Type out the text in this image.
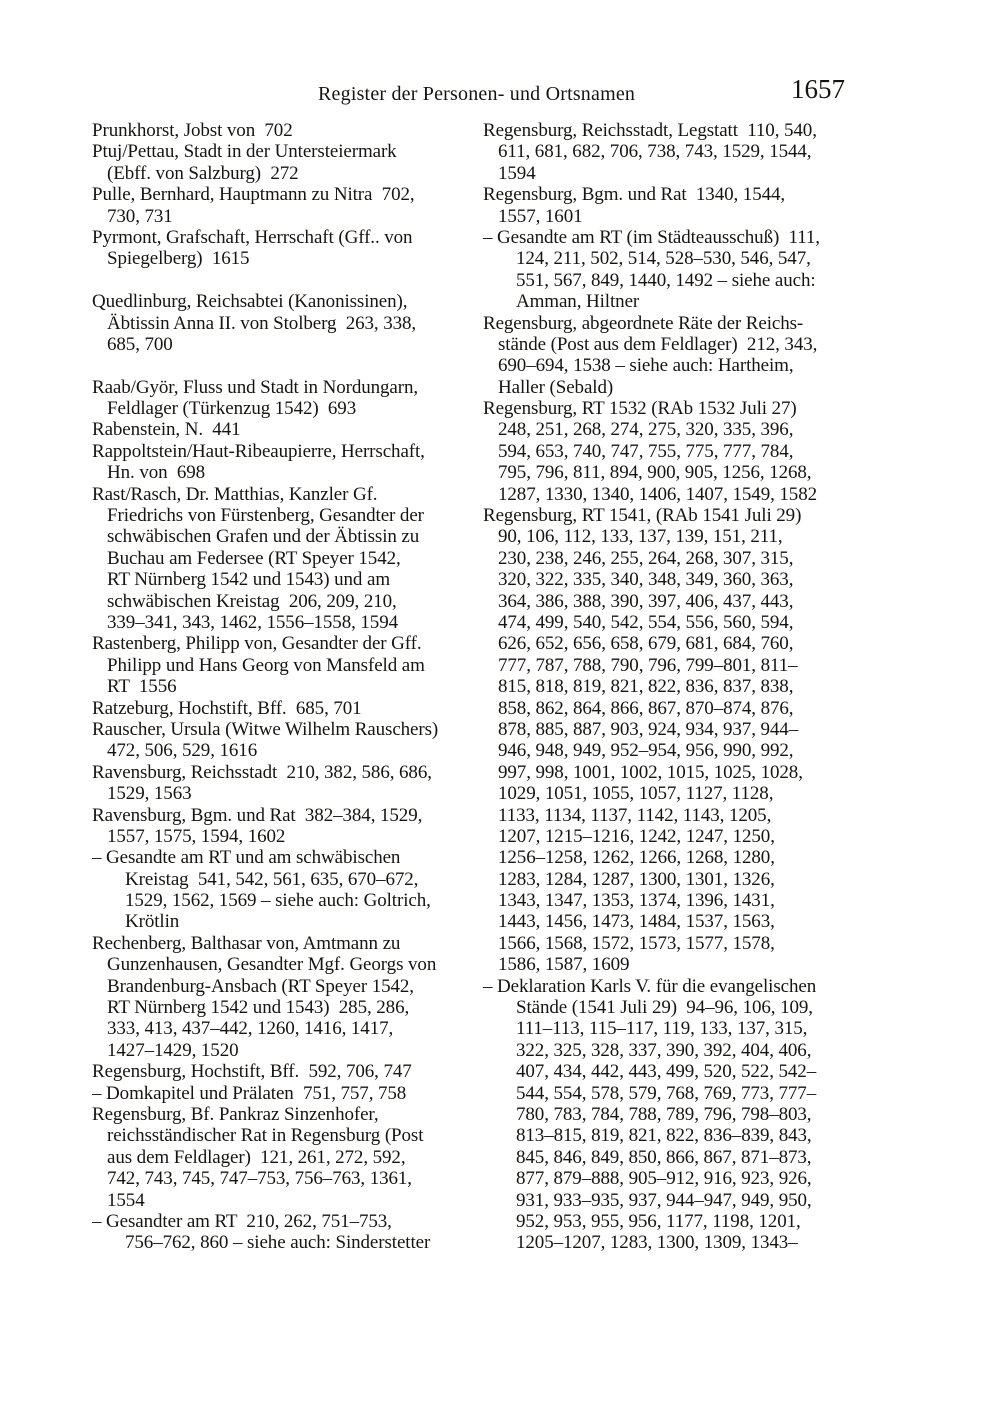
Register der Personen- und Ortsnamen	1657
Prunkhorst, Jobst von  702
Ptuj/Pettau, Stadt in der Untersteiermark
(Ebff. von Salzburg)  272
Pulle, Bernhard, Hauptmann zu Nitra  702,
730, 731
Pyrmont, Grafschaft, Herrschaft (Gff.. von
Spiegelberg)  1615
Quedlinburg, Reichsabtei (Kanonissinen),
Äbtissin Anna II. von Stolberg  263, 338,
685, 700
Raab/Györ, Fluss und Stadt in Nordungarn,
Feldlager (Türkenzug 1542)  693
Rabenstein, N.  441
Rappoltstein/Haut-Ribeaupierre, Herrschaft,
Hn. von  698
Rast/Rasch, Dr. Matthias, Kanzler Gf.
Friedrichs von Fürstenberg, Gesandter der
schwäbischen Grafen und der Äbtissin zu
Buchau am Federsee (RT Speyer 1542,
RT Nürnberg 1542 und 1543) und am
schwäbischen Kreistag  206, 209, 210,
339–341, 343, 1462, 1556–1558, 1594
Rastenberg, Philipp von, Gesandter der Gff.
Philipp und Hans Georg von Mansfeld am
RT  1556
Ratzeburg, Hochstift, Bff.  685, 701
Rauscher, Ursula (Witwe Wilhelm Rauschers)
472, 506, 529, 1616
Ravensburg, Reichsstadt  210, 382, 586, 686,
1529, 1563
Ravensburg, Bgm. und Rat  382–384, 1529,
1557, 1575, 1594, 1602
– Gesandte am RT und am schwäbischen
Kreistag  541, 542, 561, 635, 670–672,
1529, 1562, 1569 – siehe auch: Goltrich,
Krötlin
Rechenberg, Balthasar von, Amtmann zu
Gunzenhausen, Gesandter Mgf. Georgs von
Brandenburg-Ansbach (RT Speyer 1542,
RT Nürnberg 1542 und 1543)  285, 286,
333, 413, 437–442, 1260, 1416, 1417,
1427–1429, 1520
Regensburg, Hochstift, Bff.  592, 706, 747
– Domkapitel und Prälaten  751, 757, 758
Regensburg, Bf. Pankraz Sinzenhofer,
reichsständischer Rat in Regensburg (Post
aus dem Feldlager)  121, 261, 272, 592,
742, 743, 745, 747–753, 756–763, 1361,
1554
– Gesandter am RT  210, 262, 751–753,
756–762, 860 – siehe auch: Sinderstetter
Regensburg, Reichsstadt, Legstatt  110, 540,
611, 681, 682, 706, 738, 743, 1529, 1544,
1594
Regensburg, Bgm. und Rat  1340, 1544,
1557, 1601
– Gesandte am RT (im Städteausschuß)  111,
124, 211, 502, 514, 528–530, 546, 547,
551, 567, 849, 1440, 1492 – siehe auch:
Amman, Hiltner
Regensburg, abgeordnete Räte der Reichs-
stände (Post aus dem Feldlager)  212, 343,
690–694, 1538 – siehe auch: Hartheim,
Haller (Sebald)
Regensburg, RT 1532 (RAb 1532 Juli 27)
248, 251, 268, 274, 275, 320, 335, 396,
594, 653, 740, 747, 755, 775, 777, 784,
795, 796, 811, 894, 900, 905, 1256, 1268,
1287, 1330, 1340, 1406, 1407, 1549, 1582
Regensburg, RT 1541, (RAb 1541 Juli 29)
90, 106, 112, 133, 137, 139, 151, 211,
230, 238, 246, 255, 264, 268, 307, 315,
320, 322, 335, 340, 348, 349, 360, 363,
364, 386, 388, 390, 397, 406, 437, 443,
474, 499, 540, 542, 554, 556, 560, 594,
626, 652, 656, 658, 679, 681, 684, 760,
777, 787, 788, 790, 796, 799–801, 811–
815, 818, 819, 821, 822, 836, 837, 838,
858, 862, 864, 866, 867, 870–874, 876,
878, 885, 887, 903, 924, 934, 937, 944–
946, 948, 949, 952–954, 956, 990, 992,
997, 998, 1001, 1002, 1015, 1025, 1028,
1029, 1051, 1055, 1057, 1127, 1128,
1133, 1134, 1137, 1142, 1143, 1205,
1207, 1215–1216, 1242, 1247, 1250,
1256–1258, 1262, 1266, 1268, 1280,
1283, 1284, 1287, 1300, 1301, 1326,
1343, 1347, 1353, 1374, 1396, 1431,
1443, 1456, 1473, 1484, 1537, 1563,
1566, 1568, 1572, 1573, 1577, 1578,
1586, 1587, 1609
– Deklaration Karls V. für die evangelischen
Stände (1541 Juli 29)  94–96, 106, 109,
111–113, 115–117, 119, 133, 137, 315,
322, 325, 328, 337, 390, 392, 404, 406,
407, 434, 442, 443, 499, 520, 522, 542–
544, 554, 578, 579, 768, 769, 773, 777–
780, 783, 784, 788, 789, 796, 798–803,
813–815, 819, 821, 822, 836–839, 843,
845, 846, 849, 850, 866, 867, 871–873,
877, 879–888, 905–912, 916, 923, 926,
931, 933–935, 937, 944–947, 949, 950,
952, 953, 955, 956, 1177, 1198, 1201,
1205–1207, 1283, 1300, 1309, 1343–
